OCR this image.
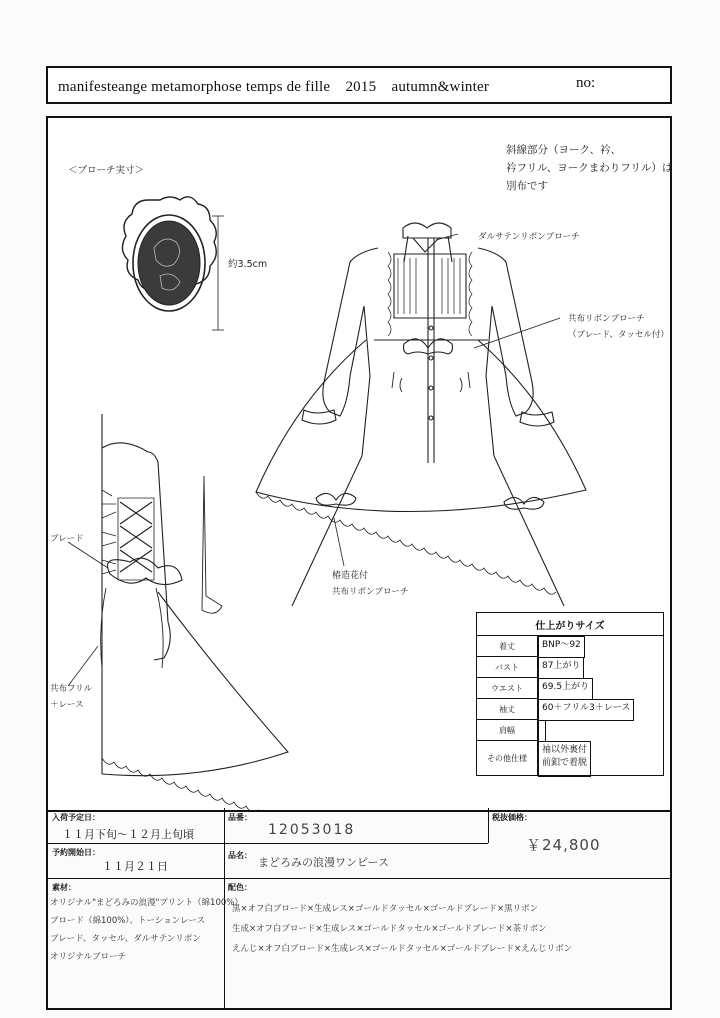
manifesteange metamorphose temps de fille　2015　autumn&winter	no:
＜ブローチ実寸＞
約3.5cm
斜線部分（ヨーク、衿、
衿フリル、ヨークまわりフリル）は
別布です
ダルサテンリボンブローチ
共布リボンブローチ
（ブレード、タッセル付）
椿造花付
共布リボンブローチ
ブレード
共布フリル
＋レース
仕上がりサイズ
着丈		BNP～92

バスト		87上がり

ウエスト		69.5上がり

袖丈		60＋フリル3＋レース

肩幅	

その他仕様	
袖以外裏付
前釦で着脱
入荷予定日：
１１月下旬～１２月上旬頃
予約開始日：
１１月２１日
品番：
12053018
税抜価格：
￥24,800
品名：
まどろみの浪漫ワンピース
素材：
オリジナル"まどろみの浪漫"プリント（綿100%）
ブロード（綿100%）、トーションレース
ブレード、タッセル、ダルサテンリボン
オリジナルブローチ
配色：
黒×オフ白ブロード×生成レス×ゴールドタッセル×ゴールドブレード×黒リボン
生成×オフ白ブロード×生成レス×ゴールドタッセル×ゴールドブレード×茶リボン
えんじ×オフ白ブロード×生成レス×ゴールドタッセル×ゴールドブレード×えんじリボン
